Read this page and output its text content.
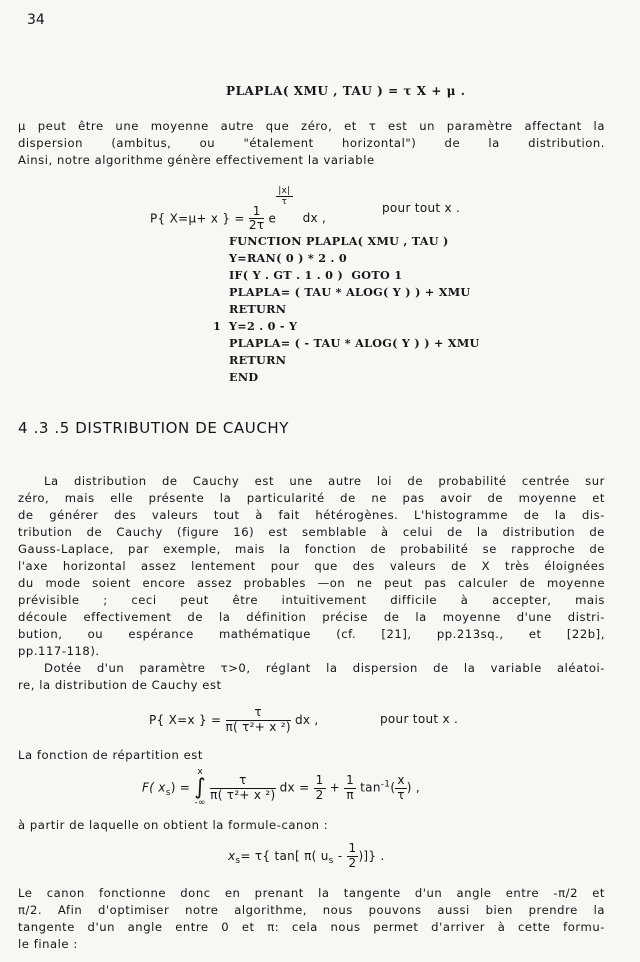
34
PLAPLA( XMU , TAU ) = τ X + μ .
μ peut être une moyenne autre que zéro, et τ est un paramètre affectant la
dispersion (ambitus, ou "étalement horizontal") de la distribution.
Ainsi, notre algorithme génère effectivement la variable
P{ X=μ+ x } = $\frac{1}{2\tau}$ e
$\frac{|x|}{\tau}$
dx ,
pour tout x .
FUNCTION PLAPLA( XMU , TAU )
Y=RAN( 0 ) * 2 . 0
IF( Y . GT . 1 . 0 )  GOTO 1
PLAPLA= ( TAU * ALOG( Y ) ) + XMU
RETURN
1 Y=2 . 0 - Y
PLAPLA= ( - TAU * ALOG( Y ) ) + XMU
RETURN
END
4 .3 .5 DISTRIBUTION DE CAUCHY
La distribution de Cauchy est une autre loi de probabilité centrée sur
zéro, mais elle présente la particularité de ne pas avoir de moyenne et
de générer des valeurs tout à fait hétérogènes. L'histogramme de la dis-
tribution de Cauchy (figure 16) est semblable à celui de la distribution de
Gauss-Laplace, par exemple, mais la fonction de probabilité se rapproche de
l'axe horizontal assez lentement pour que des valeurs de X très éloignées
du mode soient encore assez probables —on ne peut pas calculer de moyenne
prévisible ; ceci peut être intuitivement difficile à accepter, mais
découle effectivement de la définition précise de la moyenne d'une distri-
bution, ou espérance mathématique (cf. [21], pp.213sq., et [22b],
pp.117-118).
Dotée d'un paramètre τ>0, réglant la dispersion de la variable aléatoi-
re, la distribution de Cauchy est
P{ X=x } = $\frac{\tau}{\text{π( τ²+ x ²)}}$ dx ,	pour tout x .
La fonction de répartition est
F( $x_s$) =
x
∫
-∞

$\frac{\tau}{\text{π( τ²+ x ²)}}$ dx = $\frac{1}{2} + \frac{1}{\pi} \tan^{-1}( \frac{x}{\tau}$ ) ,
à partir de laquelle on obtient la formule-canon :
$x_s= \tau${ tan[ π( $u_s - \frac{1}{2}$ )]} .
Le canon fonctionne donc en prenant la tangente d'un angle entre -π/2 et
π/2. Afin d'optimiser notre algorithme, nous pouvons aussi bien prendre la
tangente d'un angle entre 0 et π: cela nous permet d'arriver à cette formu-
le finale :
